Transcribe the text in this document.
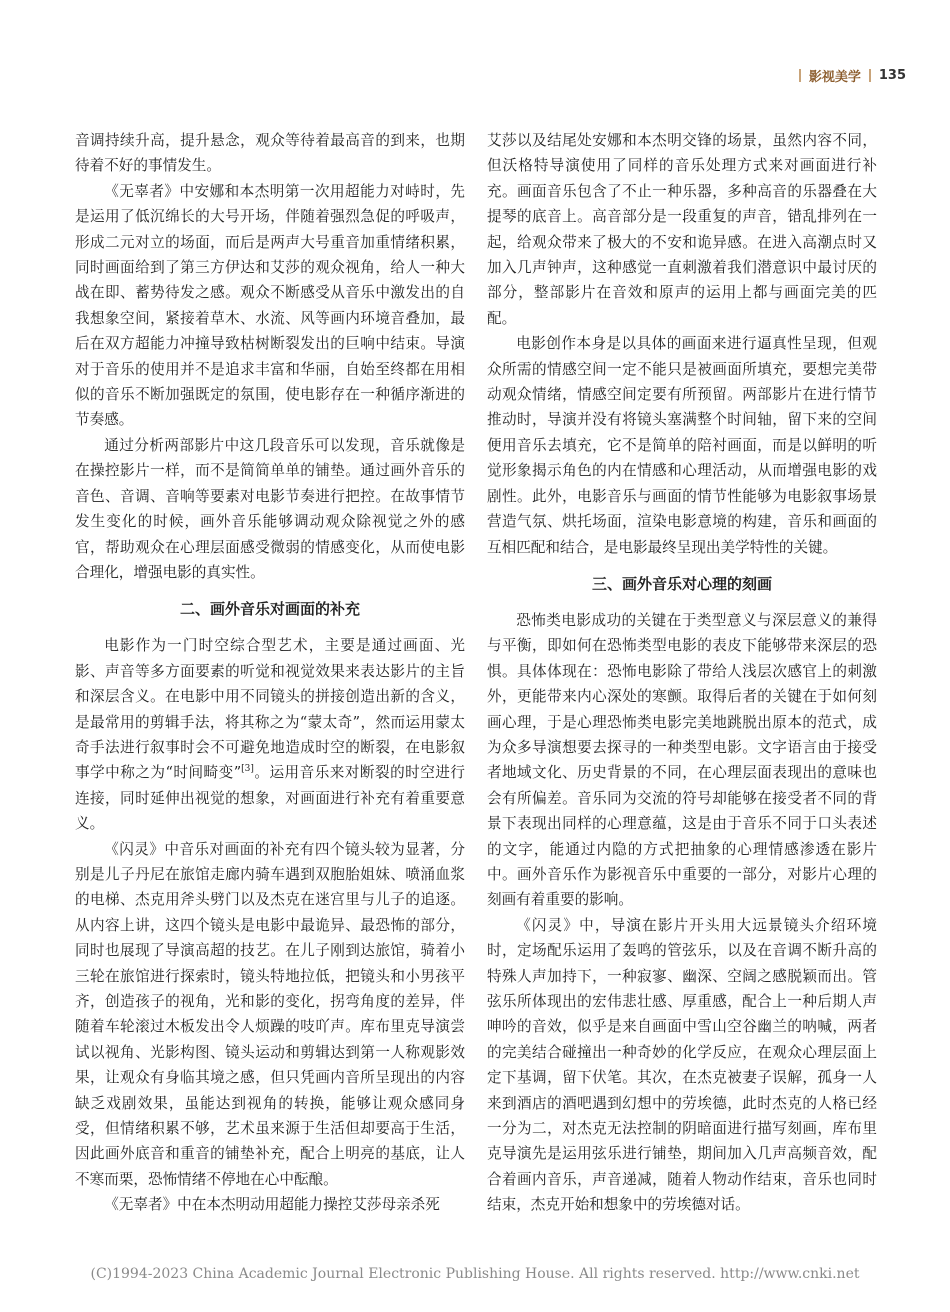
影视美学 135

音调持续升高，提升悬念，观众等待着最高音的到来，也期待着不好的事情发生。

《无辜者》中安娜和本杰明第一次用超能力对峙时，先是运用了低沉绵长的大号开场，伴随着强烈急促的呼吸声，形成二元对立的场面，而后是两声大号重音加重情绪积累，同时画面给到了第三方伊达和艾莎的观众视角，给人一种大战在即、蓄势待发之感。观众不断感受从音乐中激发出的自我想象空间，紧接着草木、水流、风等画内环境音叠加，最后在双方超能力冲撞导致枯树断裂发出的巨响中结束。导演对于音乐的使用并不是追求丰富和华丽，自始至终都在用相似的音乐不断加强既定的氛围，使电影存在一种循序渐进的节奏感。

通过分析两部影片中这几段音乐可以发现，音乐就像是在操控影片一样，而不是简简单单的铺垫。通过画外音乐的音色、音调、音响等要素对电影节奏进行把控。在故事情节发生变化的时候，画外音乐能够调动观众除视觉之外的感官，帮助观众在心理层面感受微弱的情感变化，从而使电影合理化，增强电影的真实性。

二、画外音乐对画面的补充

电影作为一门时空综合型艺术，主要是通过画面、光影、声音等多方面要素的听觉和视觉效果来表达影片的主旨和深层含义。在电影中用不同镜头的拼接创造出新的含义，是最常用的剪辑手法，将其称之为“蒙太奇”，然而运用蒙太奇手法进行叙事时会不可避免地造成时空的断裂，在电影叙事学中称之为“时间畸变”[3]。运用音乐来对断裂的时空进行连接，同时延伸出视觉的想象，对画面进行补充有着重要意义。

《闪灵》中音乐对画面的补充有四个镜头较为显著，分别是儿子丹尼在旅馆走廊内骑车遇到双胞胎姐妹、喷涌血浆的电梯、杰克用斧头劈门以及杰克在迷宫里与儿子的追逐。从内容上讲，这四个镜头是电影中最诡异、最恐怖的部分，同时也展现了导演高超的技艺。在儿子刚到达旅馆，骑着小三轮在旅馆进行探索时，镜头特地拉低，把镜头和小男孩平齐，创造孩子的视角，光和影的变化，拐弯角度的差异，伴随着车轮滚过木板发出令人烦躁的吱吖声。库布里克导演尝试以视角、光影构图、镜头运动和剪辑达到第一人称观影效果，让观众有身临其境之感，但只凭画内音所呈现出的内容缺乏戏剧效果，虽能达到视角的转换，能够让观众感同身受，但情绪积累不够，艺术虽来源于生活但却要高于生活，因此画外底音和重音的铺垫补充，配合上明亮的基底，让人不寒而栗，恐怖情绪不停地在心中酝酿。

《无辜者》中在本杰明动用超能力操控艾莎母亲杀死

艾莎以及结尾处安娜和本杰明交锋的场景，虽然内容不同，但沃格特导演使用了同样的音乐处理方式来对画面进行补充。画面音乐包含了不止一种乐器，多种高音的乐器叠在大提琴的底音上。高音部分是一段重复的声音，错乱排列在一起，给观众带来了极大的不安和诡异感。在进入高潮点时又加入几声钟声，这种感觉一直刺激着我们潜意识中最讨厌的部分，整部影片在音效和原声的运用上都与画面完美的匹配。

电影创作本身是以具体的画面来进行逼真性呈现，但观众所需的情感空间一定不能只是被画面所填充，要想完美带动观众情绪，情感空间定要有所预留。两部影片在进行情节推动时，导演并没有将镜头塞满整个时间轴，留下来的空间便用音乐去填充，它不是简单的陪衬画面，而是以鲜明的听觉形象揭示角色的内在情感和心理活动，从而增强电影的戏剧性。此外，电影音乐与画面的情节性能够为电影叙事场景营造气氛、烘托场面，渲染电影意境的构建，音乐和画面的互相匹配和结合，是电影最终呈现出美学特性的关键。

三、画外音乐对心理的刻画

恐怖类电影成功的关键在于类型意义与深层意义的兼得与平衡，即如何在恐怖类型电影的表皮下能够带来深层的恐惧。具体体现在：恐怖电影除了带给人浅层次感官上的刺激外，更能带来内心深处的寒颤。取得后者的关键在于如何刻画心理，于是心理恐怖类电影完美地跳脱出原本的范式，成为众多导演想要去探寻的一种类型电影。文字语言由于接受者地域文化、历史背景的不同，在心理层面表现出的意味也会有所偏差。音乐同为交流的符号却能够在接受者不同的背景下表现出同样的心理意蕴，这是由于音乐不同于口头表述的文字，能通过内隐的方式把抽象的心理情感渗透在影片中。画外音乐作为影视音乐中重要的一部分，对影片心理的刻画有着重要的影响。

《闪灵》中，导演在影片开头用大远景镜头介绍环境时，定场配乐运用了轰鸣的管弦乐，以及在音调不断升高的特殊人声加持下，一种寂寥、幽深、空阔之感脱颖而出。管弦乐所体现出的宏伟悲壮感、厚重感，配合上一种后期人声呻吟的音效，似乎是来自画面中雪山空谷幽兰的呐喊，两者的完美结合碰撞出一种奇妙的化学反应，在观众心理层面上定下基调，留下伏笔。其次，在杰克被妻子误解，孤身一人来到酒店的酒吧遇到幻想中的劳埃德，此时杰克的人格已经一分为二，对杰克无法控制的阴暗面进行描写刻画，库布里克导演先是运用弦乐进行铺垫，期间加入几声高频音效，配合着画内音乐，声音递减，随着人物动作结束，音乐也同时结束，杰克开始和想象中的劳埃德对话。

(C)1994-2023 China Academic Journal Electronic Publishing House. All rights reserved. http://www.cnki.net
